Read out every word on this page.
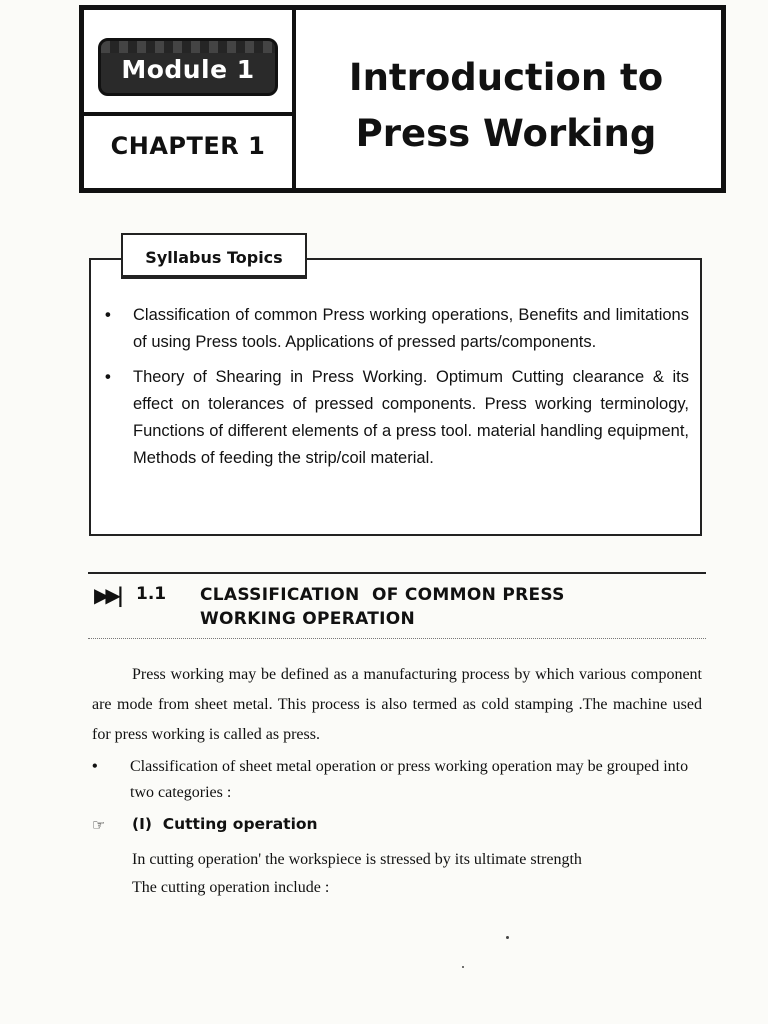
Module 1
CHAPTER 1
Introduction to
Press Working
Syllabus Topics
• Classification of common Press working operations, Benefits and limitations of using Press tools. Applications of pressed parts/components.
• Theory of Shearing in Press Working. Optimum Cutting clearance & its effect on tolerances of pressed components. Press working terminology, Functions of different elements of a press tool. material handling equipment, Methods of feeding the strip/coil material.
▶▶| 1.1 CLASSIFICATION  OF COMMON PRESS
WORKING OPERATION

Press working may be defined as a manufacturing process by which various component are mode from sheet metal. This process is also termed as cold stamping .The machine used for press working is called as press.

• Classification of sheet metal operation or press working operation may be grouped into two categories :
☞ (I)  Cutting operation
In cutting operation' the workspiece is stressed by its ultimate strength
The cutting operation include :
